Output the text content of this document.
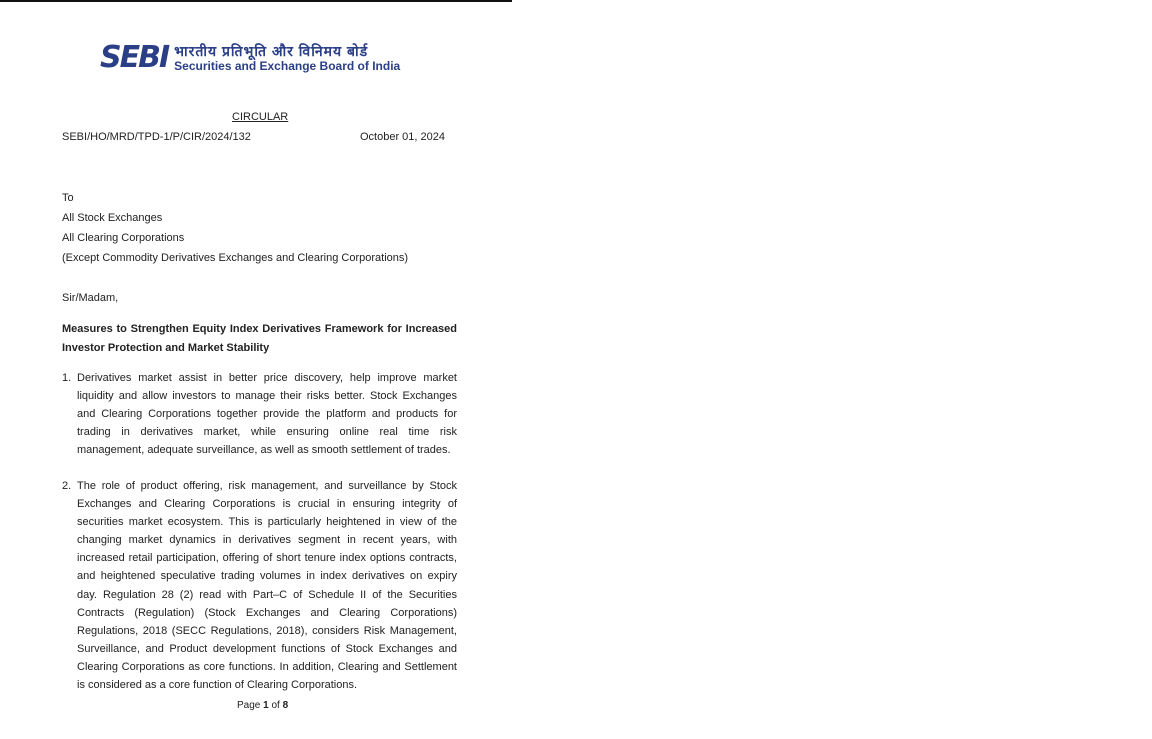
SEBI भारतीय प्रतिभूति और विनिमय बोर्ड
Securities and Exchange Board of India
CIRCULAR
SEBI/HO/MRD/TPD-1/P/CIR/2024/132	October 01, 2024
To
All Stock Exchanges
All Clearing Corporations
(Except Commodity Derivatives Exchanges and Clearing Corporations)
Sir/Madam,
Measures to Strengthen Equity Index Derivatives Framework for Increased Investor Protection and Market Stability
1. Derivatives market assist in better price discovery, help improve market liquidity and allow investors to manage their risks better. Stock Exchanges and Clearing Corporations together provide the platform and products for trading in derivatives market, while ensuring online real time risk management, adequate surveillance, as well as smooth settlement of trades.

2. The role of product offering, risk management, and surveillance by Stock Exchanges and Clearing Corporations is crucial in ensuring integrity of securities market ecosystem. This is particularly heightened in view of the changing market dynamics in derivatives segment in recent years, with increased retail participation, offering of short tenure index options contracts, and heightened speculative trading volumes in index derivatives on expiry day. Regulation 28 (2) read with Part–C of Schedule II of the Securities Contracts (Regulation) (Stock Exchanges and Clearing Corporations) Regulations, 2018 (SECC Regulations, 2018), considers Risk Management, Surveillance, and Product development functions of Stock Exchanges and Clearing Corporations as core functions. In addition, Clearing and Settlement is considered as a core function of Clearing Corporations.

Page 1 of 8
